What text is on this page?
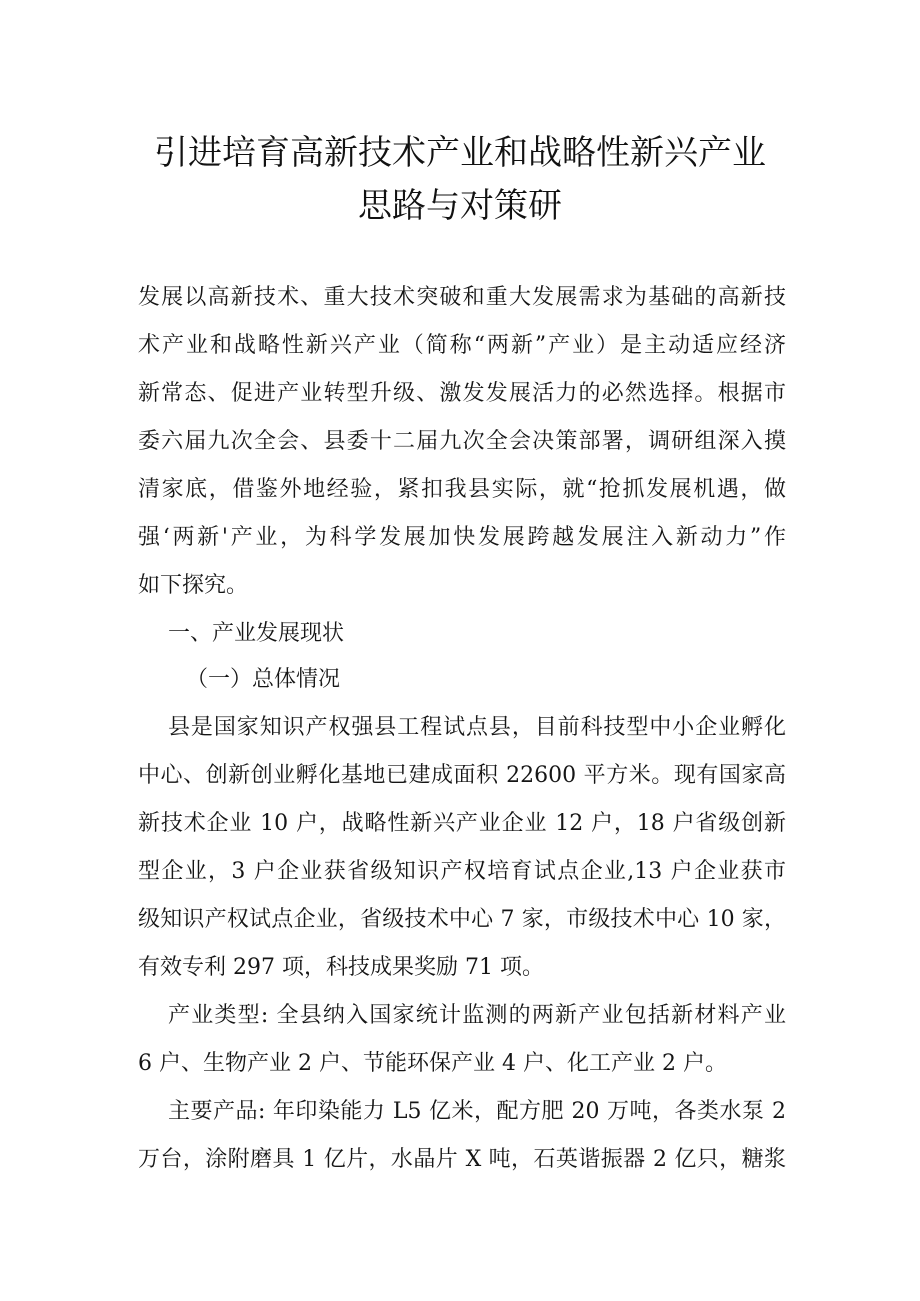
引进培育高新技术产业和战略性新兴产业
思路与对策研
发展以高新技术、重大技术突破和重大发展需求为基础的高新技
术产业和战略性新兴产业（简称“两新”产业）是主动适应经济
新常态、促进产业转型升级、激发发展活力的必然选择。根据市
委六届九次全会、县委十二届九次全会决策部署，调研组深入摸
清家底，借鉴外地经验，紧扣我县实际，就“抢抓发展机遇，做
强‘两新'产业，为科学发展加快发展跨越发展注入新动力”作
如下探究。
一、产业发展现状
（一）总体情况
县是国家知识产权强县工程试点县，目前科技型中小企业孵化
中心、创新创业孵化基地已建成面积 22600 平方米。现有国家高
新技术企业 10 户，战略性新兴产业企业 12 户，18 户省级创新
型企业，3 户企业获省级知识产权培育试点企业,13 户企业获市
级知识产权试点企业，省级技术中心 7 家，市级技术中心 10 家，
有效专利 297 项，科技成果奖励 71 项。
产业类型: 全县纳入国家统计监测的两新产业包括新材料产业
6 户、生物产业 2 户、节能环保产业 4 户、化工产业 2 户。
主要产品: 年印染能力 L5 亿米，配方肥 20 万吨，各类水泵 2
万台，涂附磨具 1 亿片，水晶片 X 吨，石英谐振器 2 亿只，糖浆
